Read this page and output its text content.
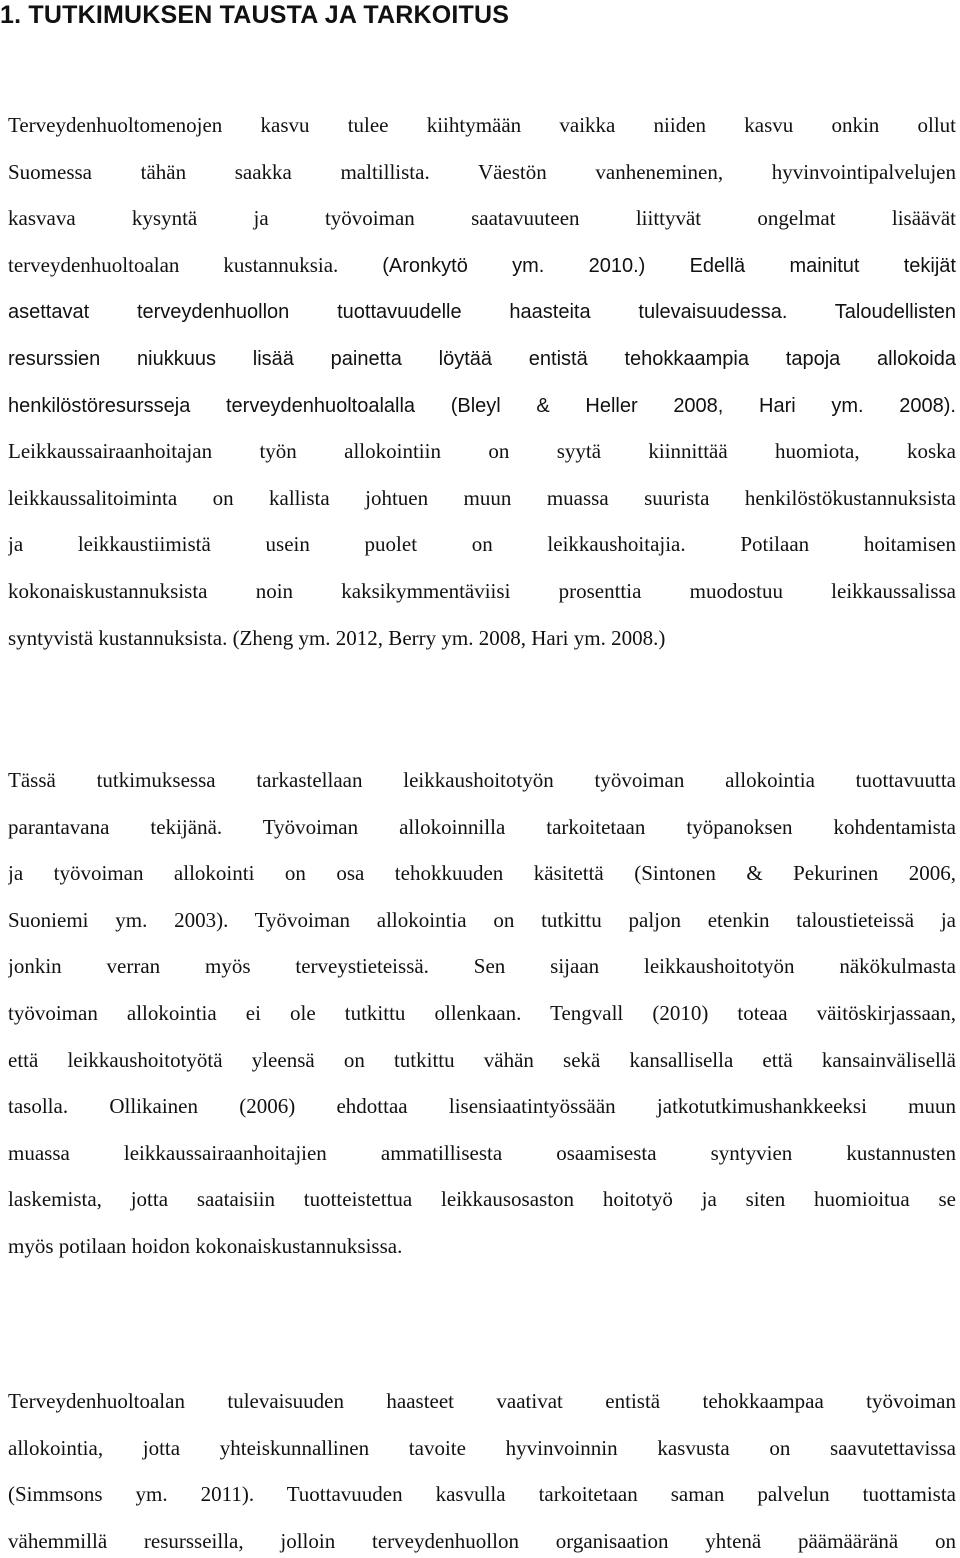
1. TUTKIMUKSEN TAUSTA JA TARKOITUS
Terveydenhuoltomenojen kasvu tulee kiihtymään vaikka niiden kasvu onkin ollut
Suomessa tähän saakka maltillista. Väestön vanheneminen, hyvinvointipalvelujen
kasvava kysyntä ja työvoiman saatavuuteen liittyvät ongelmat lisäävät
terveydenhuoltoalan kustannuksia. (Aronkytö ym. 2010.) Edellä mainitut tekijät
asettavat terveydenhuollon tuottavuudelle haasteita tulevaisuudessa. Taloudellisten
resurssien niukkuus lisää painetta löytää entistä tehokkaampia tapoja allokoida
henkilöstöresursseja terveydenhuoltoalalla (Bleyl & Heller 2008, Hari ym. 2008).
Leikkaussairaanhoitajan työn allokointiin on syytä kiinnittää huomiota, koska
leikkaussalitoiminta on kallista johtuen muun muassa suurista henkilöstökustannuksista
ja leikkaustiimistä usein puolet on leikkaushoitajia. Potilaan hoitamisen
kokonaiskustannuksista noin kaksikymmentäviisi prosenttia muodostuu leikkaussalissa
syntyvistä kustannuksista. (Zheng ym. 2012, Berry ym. 2008, Hari ym. 2008.)
Tässä tutkimuksessa tarkastellaan leikkaushoitotyön työvoiman allokointia tuottavuutta
parantavana tekijänä. Työvoiman allokoinnilla tarkoitetaan työpanoksen kohdentamista
ja työvoiman allokointi on osa tehokkuuden käsitettä (Sintonen & Pekurinen 2006,
Suoniemi ym. 2003). Työvoiman allokointia on tutkittu paljon etenkin taloustieteissä ja
jonkin verran myös terveystieteissä. Sen sijaan leikkaushoitotyön näkökulmasta
työvoiman allokointia ei ole tutkittu ollenkaan. Tengvall (2010) toteaa väitöskirjassaan,
että leikkaushoitotyötä yleensä on tutkittu vähän sekä kansallisella että kansainvälisellä
tasolla. Ollikainen (2006) ehdottaa lisensiaatintyössään jatkotutkimushankkeeksi muun
muassa leikkaussairaanhoitajien ammatillisesta osaamisesta syntyvien kustannusten
laskemista, jotta saataisiin tuotteistettua leikkausosaston hoitotyö ja siten huomioitua se
myös potilaan hoidon kokonaiskustannuksissa.
Terveydenhuoltoalan tulevaisuuden haasteet vaativat entistä tehokkaampaa työvoiman
allokointia, jotta yhteiskunnallinen tavoite hyvinvoinnin kasvusta on saavutettavissa
(Simmsons ym. 2011). Tuottavuuden kasvulla tarkoitetaan saman palvelun tuottamista
vähemmillä resursseilla, jolloin terveydenhuollon organisaation yhtenä päämääränä on
